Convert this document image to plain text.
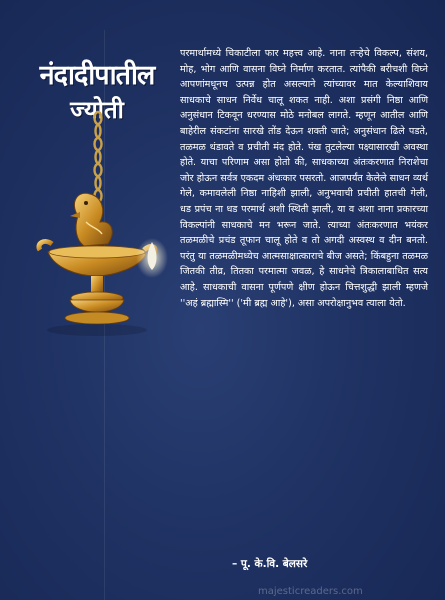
नंदादीपातील
ज्योती

परमार्थामध्ये चिकाटीला फार महत्त्व आहे. नाना तऱ्हेचे विकल्प, संशय, मोह, भोग आणि वासना विघ्ने निर्माण करतात. त्यांपैकी बरीचशी विघ्ने आपणांमधूनच उत्पन्न होत असल्याने त्यांच्यावर मात केल्याशिवाय साधकाचे साधन निर्वेध चालू शकत नाही. अशा प्रसंगी निष्ठा आणि अनुसंधान टिकवून धरण्यास मोठे मनोबल लागते. म्हणून आतील आणि बाहेरील संकटांना सारखे तोंड देऊन शक्ती जाते; अनुसंधान ढिले पडते, तळमळ थंडावते व प्रचीती मंद होते. पंख तुटलेल्या पक्ष्यासारखी अवस्था होते. याचा परिणाम असा होतो की, साधकाच्या अंतःकरणात निराशेचा जोर होऊन सर्वत्र एकदम अंधःकार पसरतो. आजपर्यंत केलेले साधन व्यर्थ गेले, कमावलेली निष्ठा नाहिशी झाली, अनुभवाची प्रचीती हातची गेली, धड प्रपंच ना धड परमार्थ अशी स्थिती झाली, या व अशा नाना प्रकारच्या विकल्पांनी साधकाचे मन भरून जाते. त्याच्या अंतःकरणात भयंकर तळमळीचे प्रचंड तूफान चालू होते व तो अगदी अस्वस्थ व दीन बनतो. परंतु या तळमळीमध्येच आत्मसाक्षात्काराचे बीज असते; किंबहुना तळमळ जितकी तीव्र, तितका परमात्मा जवळ, हे साधनेचे त्रिकालाबाधित सत्य आहे. साधकाची वासना पूर्णपणे क्षीण होऊन चित्तशुद्धी झाली म्हणजे ''अहं ब्रह्मास्मि'' ('मी ब्रह्म आहे'), असा अपरोक्षानुभव त्याला येतो.

– पू. के.वि. बेलसरे
majesticreaders.com
